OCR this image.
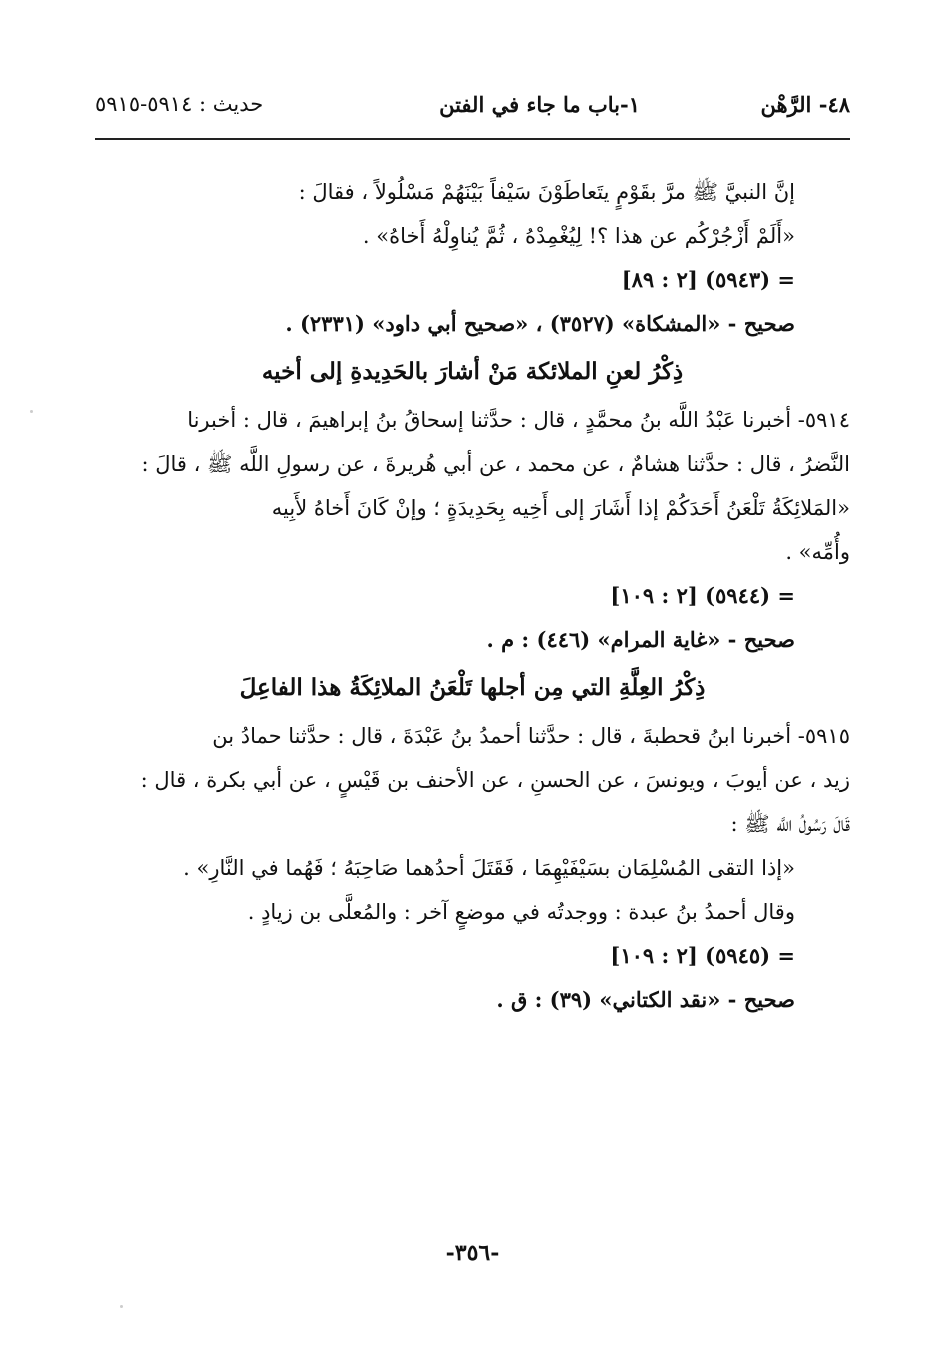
٤٨- الرَّهْن
١-باب ما جاء في الفتن
حديث : ٥٩١٤-٥٩١٥
إنَّ النبيَّ ﷺ مرَّ بقَوْمٍ يتَعاطَوْنَ سَيْفاً بَيْنَهُمْ مَسْلُولاً ، فقالَ :
«أَلَمْ أَزْجُرْكُم عن هذا ؟! لِيُغْمِدْهُ ، ثُمَّ يُناوِلْهُ أَخاهُ» .
= (٥٩٤٣) [٢ : ٨٩]
صحيح - «المشكاة» (٣٥٢٧) ، «صحيح أبي داود» (٢٣٣١) .
ذِكْرُ لعنِ الملائكة مَنْ أشارَ بالحَدِيدةِ إلى أخيه
٥٩١٤- أخبرنا عَبْدُ اللَّه بنُ محمَّدٍ ، قال : حدَّثنا إسحاقُ بنُ إبراهيمَ ، قال : أخبرنا
النَّضرُ ، قال : حدَّثنا هشامٌ ، عن محمد ، عن أبي هُريرةَ ، عن رسولِ اللَّه ﷺ ، قالَ :
«المَلائِكَةُ تَلْعَنُ أَحَدَكُمْ إذا أَشَارَ إلى أَخِيه بِحَدِيدَةٍ ؛ وإنْ كَانَ أَخاهُ لأَبِيه
وأُمِّه» .
= (٥٩٤٤) [٢ : ١٠٩]
صحيح - «غاية المرام» (٤٤٦) : م .
ذِكْرُ العِلَّةِ التي مِن أجلها تَلْعَنُ الملائِكَةُ هذا الفاعِلَ
٥٩١٥- أخبرنا ابنُ قحطبةَ ، قال : حدَّثنا أحمدُ بنُ عَبْدَةَ ، قال : حدَّثنا حمادُ بن
زيد ، عن أيوبَ ، ويونسَ ، عن الحسنِ ، عن الأحنف بن قَيْسٍ ، عن أبي بكرة ، قال :
قَالَ رَسُولُ اللَّه ﷺ :
«إذا التقى المُسْلِمَان بسَيْفَيْهِمَا ، فَقَتَلَ أحدُهما صَاحِبَهُ ؛ فَهُما في النَّارِ» .
وقال أحمدُ بنُ عبدة : ووجدتُه في موضعٍ آخر : والمُعلَّى بن زيادٍ .
= (٥٩٤٥) [٢ : ١٠٩]
صحيح - «نقد الكتاني» (٣٩) : ق .
-٣٥٦-
